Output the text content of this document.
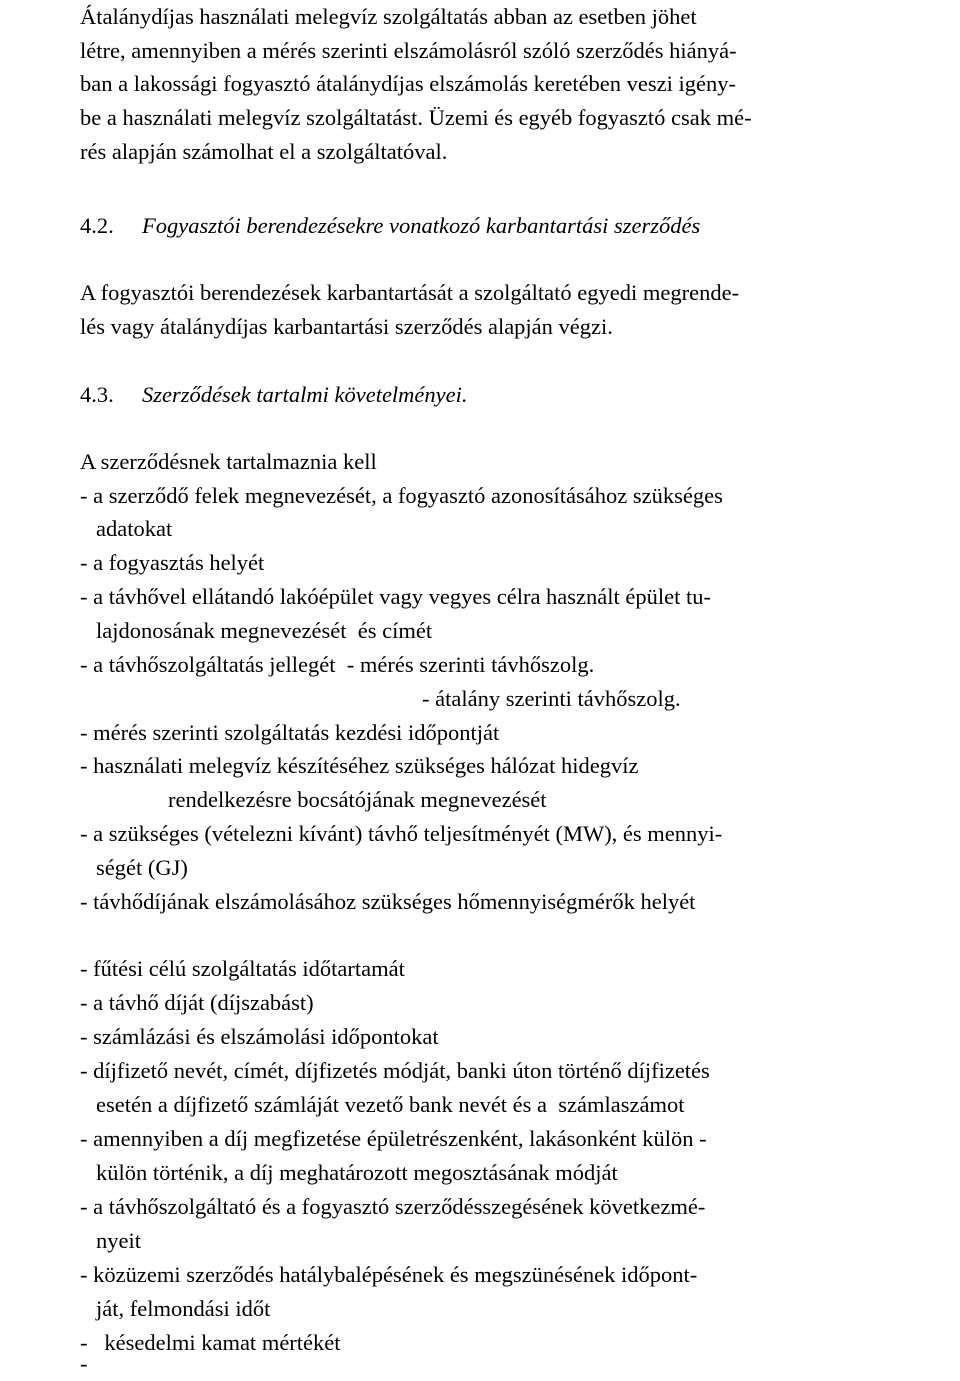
Átalánydíjas használati melegvíz szolgáltatás abban az esetben jöhet
létre, amennyiben a mérés szerinti elszámolásról szóló szerződés hiányá-
ban a lakossági fogyasztó átalánydíjas elszámolás keretében veszi igény-
be a használati melegvíz szolgáltatást. Üzemi és egyéb fogyasztó csak mé-
rés alapján számolhat el a szolgáltatóval.
4.2. Fogyasztói berendezésekre vonatkozó karbantartási szerződés
A fogyasztói berendezések karbantartását a szolgáltató egyedi megrende-
lés vagy átalánydíjas karbantartási szerződés alapján végzi.
4.3. Szerződések tartalmi követelményei.
A szerződésnek tartalmaznia kell
- a szerződő felek megnevezését, a fogyasztó azonosításához szükséges
adatokat
- a fogyasztás helyét
- a távhővel ellátandó lakóépület vagy vegyes célra használt épület tu-
lajdonosának megnevezését  és címét
- a távhőszolgáltatás jellegét  - mérés szerinti távhőszolg.
- átalány szerinti távhőszolg.
- mérés szerinti szolgáltatás kezdési időpontját
- használati melegvíz készítéséhez szükséges hálózat hidegvíz
rendelkezésre bocsátójának megnevezését
- a szükséges (vételezni kívánt) távhő teljesítményét (MW), és mennyi-
ségét (GJ)
- távhődíjának elszámolásához szükséges hőmennyiségmérők helyét
- fűtési célú szolgáltatás időtartamát
- a távhő díját (díjszabást)
- számlázási és elszámolási időpontokat
- díjfizető nevét, címét, díjfizetés módját, banki úton történő díjfizetés
esetén a díjfizető számláját vezető bank nevét és a  számlaszámot
- amennyiben a díj megfizetése épületrészenként, lakásonként külön -
külön történik, a díj meghatározott megosztásának módját
- a távhőszolgáltató és a fogyasztó szerződésszegésének következmé-
nyeit
- közüzemi szerződés hatálybalépésének és megszünésének időpont-
ját, felmondási időt
-   késedelmi kamat mértékét
-
